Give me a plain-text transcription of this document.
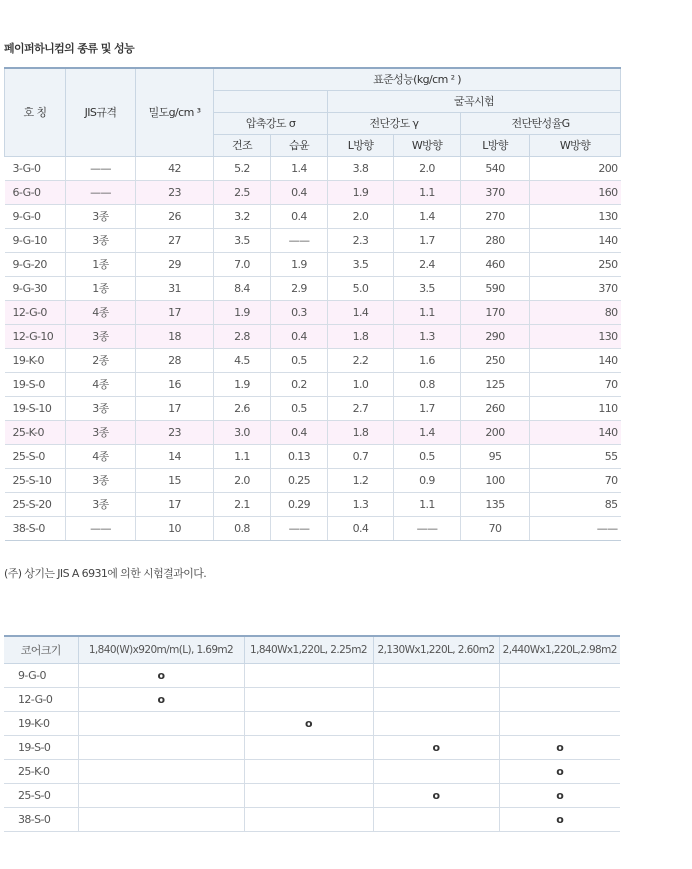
페이퍼하니컴의 종류 및 성능
호 칭	JIS규격	밀도g/cm ³	표준성능(kg/cm ² )					
					굴곡시험			
			압축강도 σ		전단강도 γ		전단탄성율G	
			건조	습윤	L방향	W방향	L방향	W방향
3-G-0	——	42	5.2	1.4	3.8	2.0	540	200
6-G-0	——	23	2.5	0.4	1.9	1.1	370	160
9-G-0	3종	26	3.2	0.4	2.0	1.4	270	130
9-G-10	3종	27	3.5	——	2.3	1.7	280	140
9-G-20	1종	29	7.0	1.9	3.5	2.4	460	250
9-G-30	1종	31	8.4	2.9	5.0	3.5	590	370
12-G-0	4종	17	1.9	0.3	1.4	1.1	170	80
12-G-10	3종	18	2.8	0.4	1.8	1.3	290	130
19-K-0	2종	28	4.5	0.5	2.2	1.6	250	140
19-S-0	4종	16	1.9	0.2	1.0	0.8	125	70
19-S-10	3종	17	2.6	0.5	2.7	1.7	260	110
25-K-0	3종	23	3.0	0.4	1.8	1.4	200	140
25-S-0	4종	14	1.1	0.13	0.7	0.5	95	55
25-S-10	3종	15	2.0	0.25	1.2	0.9	100	70
25-S-20	3종	17	2.1	0.29	1.3	1.1	135	85
38-S-0	——	10	0.8	——	0.4	——	70	——
(주) 상기는 JIS A 6931에 의한 시험결과이다.
코어크기	1,840(W)x920m/m(L), 1.69m2	1,840Wx1,220L, 2.25m2	2,130Wx1,220L, 2.60m2	2,440Wx1,220L,2.98m2
9-G-0	o			
12-G-0	o			
19-K-0		o		
19-S-0			o	o
25-K-0				o
25-S-0			o	o
38-S-0				o
